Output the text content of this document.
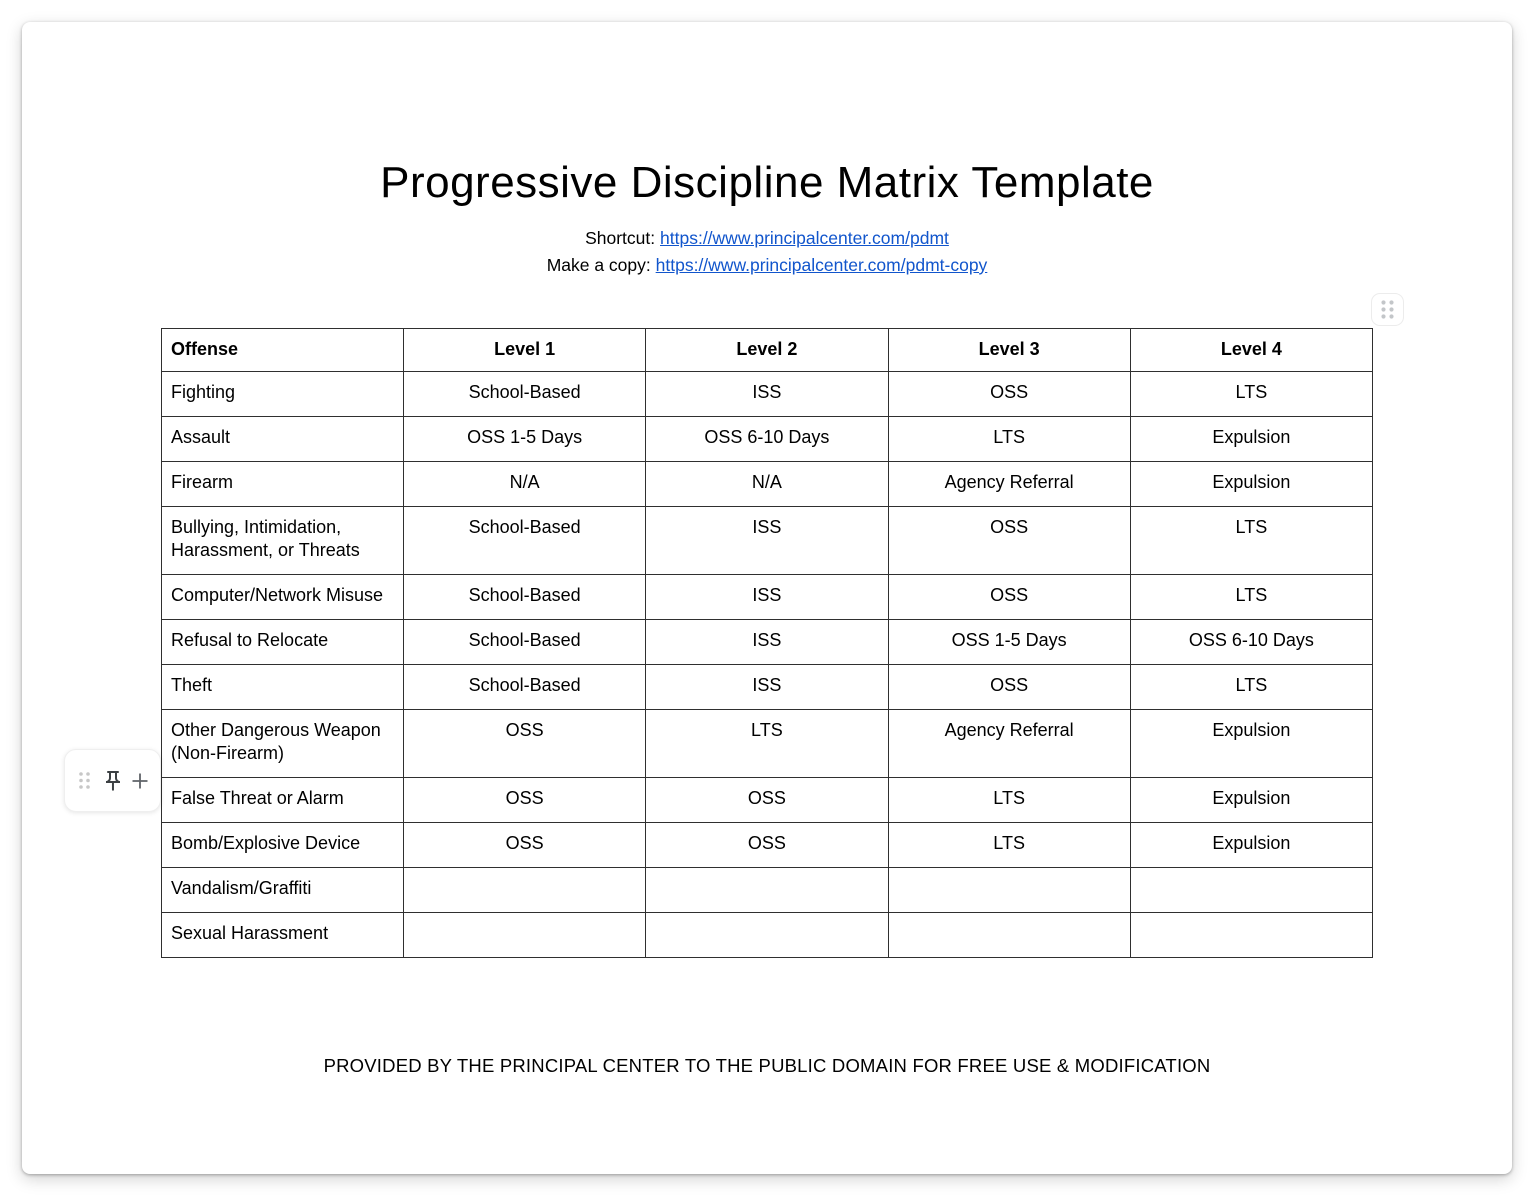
Progressive Discipline Matrix Template
Shortcut: https://www.principalcenter.com/pdmt
Make a copy: https://www.principalcenter.com/pdmt-copy
Offense	Level 1	Level 2	Level 3	Level 4
Fighting	School-Based	ISS	OSS	LTS
Assault	OSS 1-5 Days	OSS 6-10 Days	LTS	Expulsion
Firearm	N/A	N/A	Agency Referral	Expulsion
Bullying, Intimidation, Harassment, or Threats	School-Based	ISS	OSS	LTS
Computer/Network Misuse	School-Based	ISS	OSS	LTS
Refusal to Relocate	School-Based	ISS	OSS 1-5 Days	OSS 6-10 Days
Theft	School-Based	ISS	OSS	LTS
Other Dangerous Weapon (Non-Firearm)	OSS	LTS	Agency Referral	Expulsion
False Threat or Alarm	OSS	OSS	LTS	Expulsion
Bomb/Explosive Device	OSS	OSS	LTS	Expulsion
Vandalism/Graffiti				
Sexual Harassment				
PROVIDED BY THE PRINCIPAL CENTER TO THE PUBLIC DOMAIN FOR FREE USE & MODIFICATION
